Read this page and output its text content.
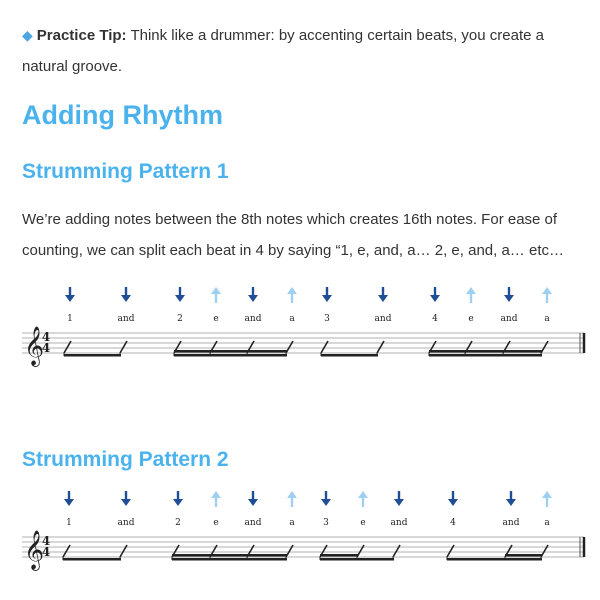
◆ Practice Tip: Think like a drummer: by accenting certain beats, you create a natural groove.
Adding Rhythm
Strumming Pattern 1
We’re adding notes between the 8th notes which creates 16th notes. For ease of counting, we can split each beat in 4 by saying “1, e, and, a… 2, e, and, a… etc…
1	and	2	e	and	a	3	and	4	e	and	a
𝄞
4
4
Strumming Pattern 2
1	and	2	e	and	a	3	e	and	4	and	a
𝄞
4
4
